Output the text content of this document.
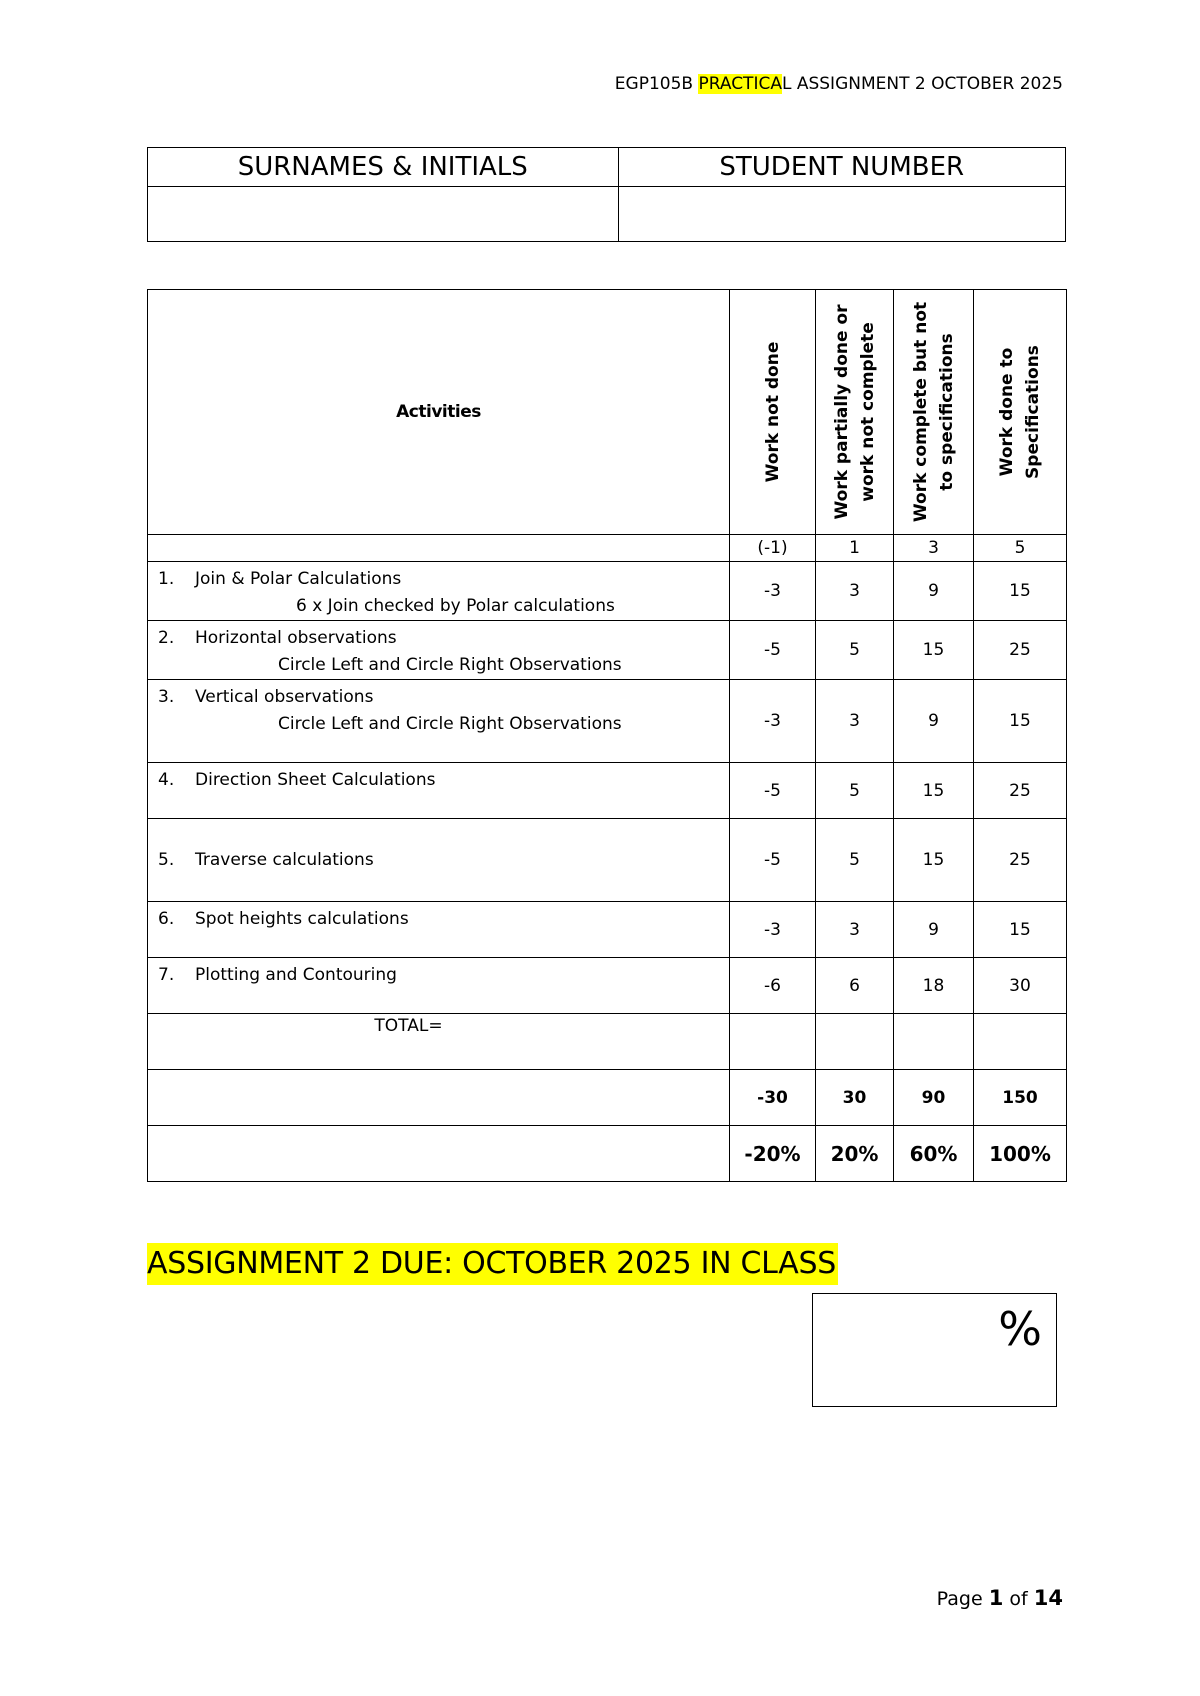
EGP105B PRACTICAL ASSIGNMENT 2 OCTOBER 2025
SURNAMES & INITIALS	STUDENT NUMBER

Activities	Work not done	Work partially done or work not complete	Work complete but not to specifications	Work done to Specifications

	(-1)	1	3	5

1. Join & Polar Calculations
6 x Join checked by Polar calculations	-3	3	9	15

2. Horizontal observations
Circle Left and Circle Right Observations	-5	5	15	25

3. Vertical observations
Circle Left and Circle Right Observations	-3	3	9	15

4. Direction Sheet Calculations	-5	5	15	25

5. Traverse calculations	-5	5	15	25

6. Spot heights calculations	-3	3	9	15

7. Plotting and Contouring	-6	6	18	30
TOTAL=				
	-30	30	90	150
	-20%	20%	60%	100%
ASSIGNMENT 2 DUE: OCTOBER 2025 IN CLASS
%
Page 1 of 14
